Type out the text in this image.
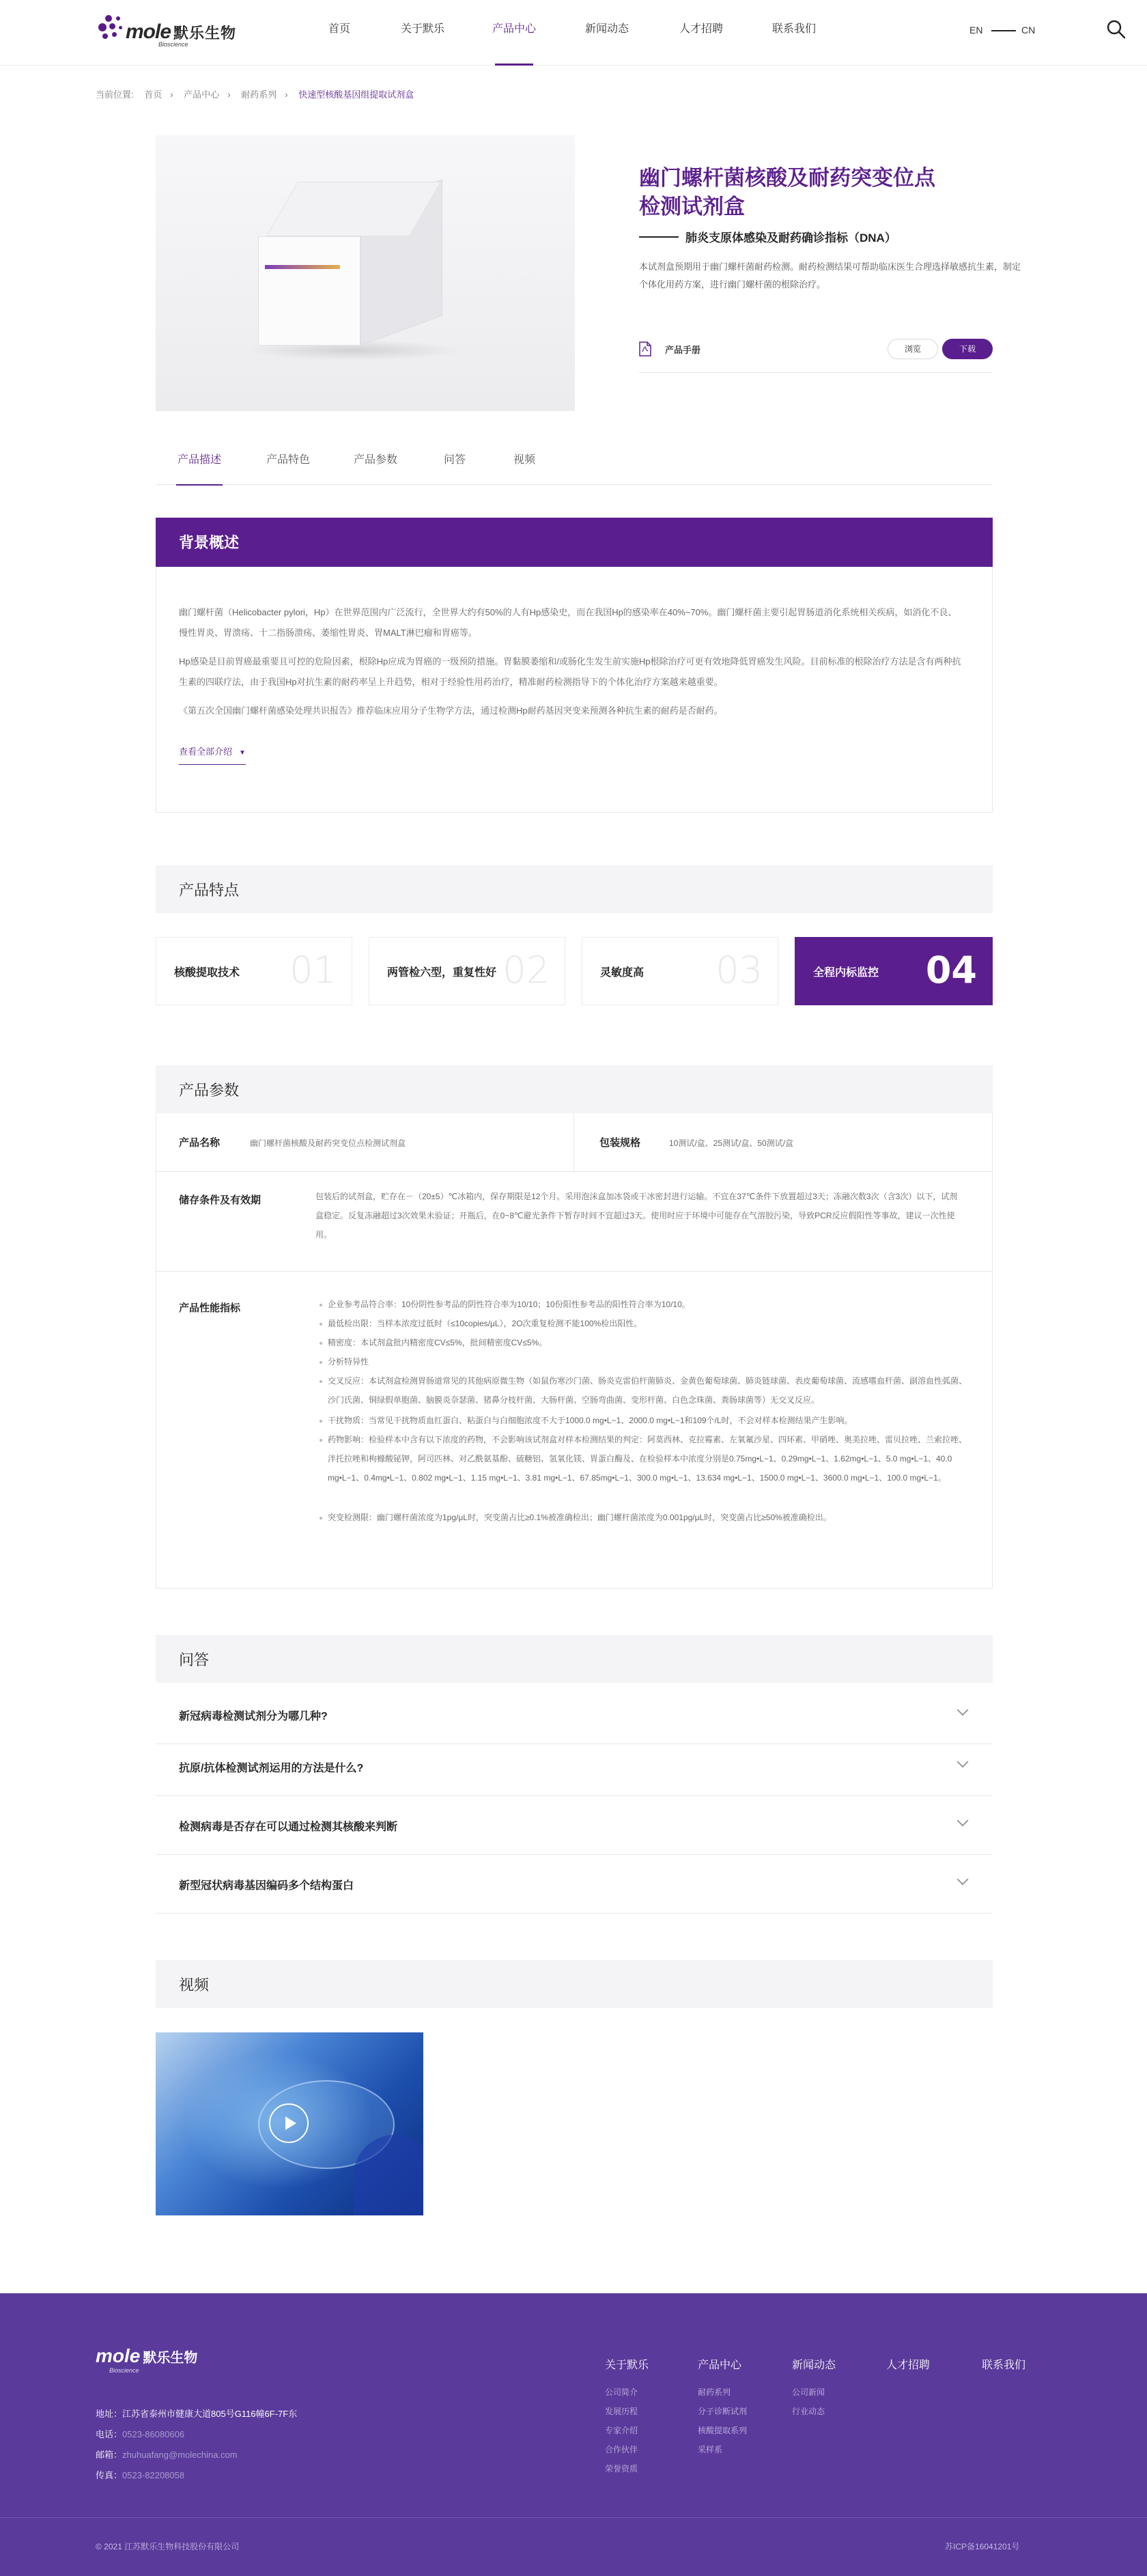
mole 默乐生物
Bioscience
首页	关于默乐	产品中心	新闻动态	人才招聘	联系我们	EN	CN
当前位置: 首页 › 产品中心 › 耐药系列 › 快速型核酸基因组提取试剂盒
幽门螺杆菌核酸及耐药突变位点检测试剂盒
肺炎支原体感染及耐药确诊指标（DNA）
本试剂盒预期用于幽门螺杆菌耐药检测。耐药检测结果可帮助临床医生合理选择敏感抗生素，制定个体化用药方案，进行幽门螺杆菌的根除治疗。
产品手册	浏览	下载
产品描述	产品特色	产品参数	问答	视频
背景概述
幽门螺杆菌（Helicobacter pylori，Hp）在世界范围内广泛流行，全世界大约有50%的人有Hp感染史，而在我国Hp的感染率在40%~70%。幽门螺杆菌主要引起胃肠道消化系统相关疾病，如消化不良、慢性胃炎、胃溃疡、十二指肠溃疡、萎缩性胃炎、胃MALT淋巴瘤和胃癌等。
Hp感染是目前胃癌最重要且可控的危险因素，根除Hp应成为胃癌的一级预防措施。胃黏膜萎缩和/或肠化生发生前实施Hp根除治疗可更有效地降低胃癌发生风险。目前标准的根除治疗方法是含有两种抗生素的四联疗法，由于我国Hp对抗生素的耐药率呈上升趋势，相对于经验性用药治疗，精准耐药检测指导下的个体化治疗方案越来越重要。
《第五次全国幽门螺杆菌感染处理共识报告》推荐临床应用分子生物学方法，通过检测Hp耐药基因突变来预测各种抗生素的耐药是否耐药。
查看全部介绍 ▼
产品特点
核酸提取技术 01	两管检六型，重复性好 02	灵敏度高 03	全程内标监控 04
产品参数
产品名称	幽门螺杆菌核酸及耐药突变位点检测试剂盒	包装规格	10测试/盒、25测试/盒、50测试/盒
储存条件及有效期	包装后的试剂盒，贮存在－（20±5）℃冰箱内，保存期限是12个月。采用泡沫盒加冰袋或干冰密封进行运输。不宜在37℃条件下放置超过3天；冻融次数3次（含3次）以下，试剂盒稳定。反复冻融超过3次效果未验证；开瓶后，在0~8℃避光条件下暂存时间不宜超过3天。使用时应于环境中可能存在气溶胶污染，导致PCR反应假阳性等事故，建议一次性使用。
产品性能指标	企业参考品符合率：10份阴性参考品的阴性符合率为10/10；10份阳性参考品的阳性符合率为10/10。
最低检出限：当样本浓度过低时（≤10copies/μL），2O次重复检测不能100%检出阳性。
精密度：本试剂盒批内精密度CV≤5%，批间精密度CV≤5%。
分析特异性
交叉反应：本试剂盒检测胃肠道常见的其他病原微生物（如鼠伤寒沙门菌、肠炎克雷伯杆菌肺炎、金黄色葡萄球菌、肺炎链球菌、表皮葡萄球菌、流感嗜血杆菌、副溶血性弧菌、沙门氏菌、铜绿假单胞菌、脑膜炎奈瑟菌、猪鼻分枝杆菌、大肠杆菌、空肠弯曲菌、变形杆菌、白色念珠菌、粪肠球菌等）无交叉反应。
干扰物质：当常见干扰物质血红蛋白、粘蛋白与白细胞浓度不大于1000.0 mg•L−1、2000.0 mg•L−1和109个/L时，不会对样本检测结果产生影响。
药物影响：检验样本中含有以下浓度的药物，不会影响该试剂盒对样本检测结果的判定：阿莫西林、克拉霉素、左氧氟沙星、四环素、甲硝唑、奥美拉唑、雷贝拉唑、兰索拉唑、泮托拉唑和枸橼酸铋钾，阿司匹林、对乙酰氨基酚、硫糖铝、氢氧化镁、胃蛋白酶及、在检验样本中浓度分别是0.75mg•L−1、0.29mg•L−1、1.62mg•L−1、5.0 mg•L−1、40.0 mg•L−1、0.4mg•L−1、0.802 mg•L−1、1.15 mg•L−1、3.81 mg•L−1、67.85mg•L−1、300.0 mg•L−1、13.634 mg•L−1、1500.0 mg•L−1、3600.0 mg•L−1、100.0 mg•L−1。
突变检测限：幽门螺杆菌浓度为1pg/μL时，突变菌占比≥0.1%被准确检出；幽门螺杆菌浓度为0.001pg/μL时，突变菌占比≥50%被准确检出。
问答
新冠病毒检测试剂分为哪几种?
抗原/抗体检测试剂运用的方法是什么?
检测病毒是否存在可以通过检测其核酸来判断
新型冠状病毒基因编码多个结构蛋白
视频
mole 默乐生物
Bioscience
地址：江苏省泰州市健康大道805号G116幢6F-7F东
电话：0523-86080606
邮箱：zhuhuafang@molechina.com
传真：0523-82208058
关于默乐
公司简介
发展历程
专家介绍
合作伙伴
荣誉资质
产品中心
耐药系列
分子诊断试剂
核酸提取系列
采样系
新闻动态
公司新闻
行业动态
人才招聘	联系我们
© 2021 江苏默乐生物科技股份有限公司	苏ICP备16041201号
